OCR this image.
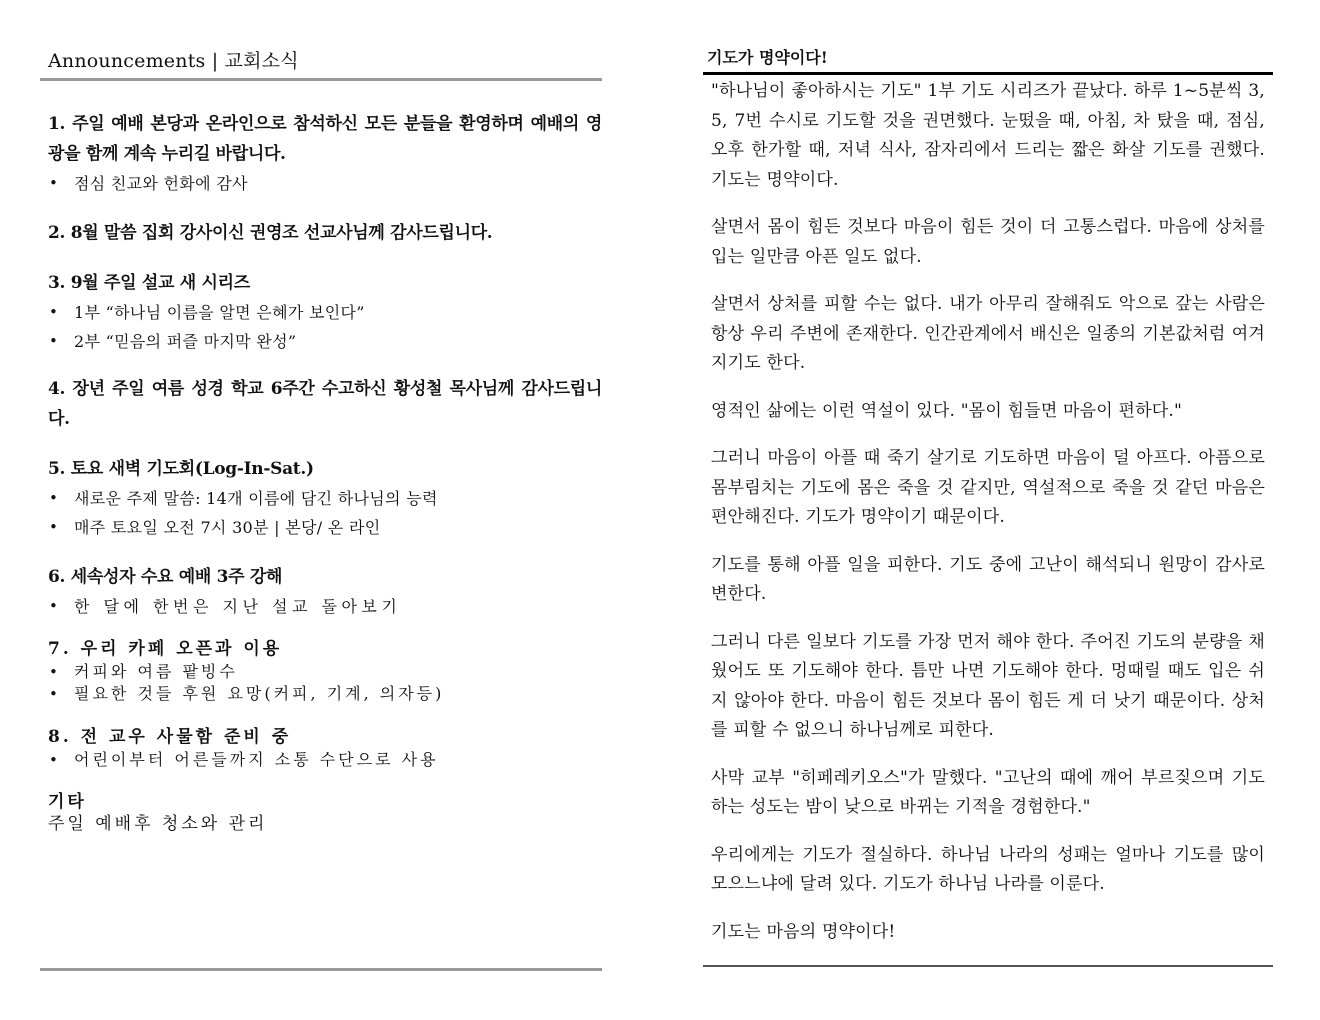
Announcements | 교회소식
1. 주일 예배 본당과 온라인으로 참석하신 모든 분들을 환영하며 예배의 영광을 함께 계속 누리길 바랍니다.
• 점심 친교와 헌화에 감사
2. 8월 말씀 집회 강사이신 권영조 선교사님께 감사드립니다.
3. 9월 주일 설교 새 시리즈
• 1부 “하나님 이름을 알면 은혜가 보인다”
• 2부 “믿음의 퍼즐 마지막 완성”
4. 장년 주일 여름 성경 학교 6주간 수고하신 황성철 목사님께 감사드립니다.
5. 토요 새벽 기도회(Log-In-Sat.)
• 새로운 주제 말씀: 14개 이름에 담긴 하나님의 능력
• 매주 토요일 오전 7시 30분 | 본당/ 온 라인
6. 세속성자 수요 예배 3주 강해
• 한 달에 한번은 지난 설교 돌아보기
7. 우리 카페 오픈과 이용
• 커피와 여름 팥빙수
• 필요한 것들 후원 요망(커피, 기계, 의자등)
8. 전 교우 사물함 준비 중
• 어린이부터 어른들까지 소통 수단으로 사용
기타
주일 예배후 청소와 관리
기도가 명약이다!

"하나님이 좋아하시는 기도" 1부 기도 시리즈가 끝났다. 하루 1~5분씩 3, 5, 7번 수시로 기도할 것을 권면했다. 눈떴을 때, 아침, 차 탔을 때, 점심, 오후 한가할 때, 저녁 식사, 잠자리에서 드리는 짧은 화살 기도를 권했다. 기도는 명약이다.

살면서 몸이 힘든 것보다 마음이 힘든 것이 더 고통스럽다. 마음에 상처를 입는 일만큼 아픈 일도 없다.

살면서 상처를 피할 수는 없다. 내가 아무리 잘해줘도 악으로 갚는 사람은 항상 우리 주변에 존재한다. 인간관계에서 배신은 일종의 기본값처럼 여겨지기도 한다.

영적인 삶에는 이런 역설이 있다. "몸이 힘들면 마음이 편하다."

그러니 마음이 아플 때 죽기 살기로 기도하면 마음이 덜 아프다. 아픔으로 몸부림치는 기도에 몸은 죽을 것 같지만, 역설적으로 죽을 것 같던 마음은 편안해진다. 기도가 명약이기 때문이다.

기도를 통해 아플 일을 피한다. 기도 중에 고난이 해석되니 원망이 감사로 변한다.

그러니 다른 일보다 기도를 가장 먼저 해야 한다. 주어진 기도의 분량을 채웠어도 또 기도해야 한다. 틈만 나면 기도해야 한다. 멍때릴 때도 입은 쉬지 않아야 한다. 마음이 힘든 것보다 몸이 힘든 게 더 낫기 때문이다. 상처를 피할 수 없으니 하나님께로 피한다.

사막 교부 "히페레키오스"가 말했다. "고난의 때에 깨어 부르짖으며 기도하는 성도는 밤이 낮으로 바뀌는 기적을 경험한다."

우리에게는 기도가 절실하다. 하나님 나라의 성패는 얼마나 기도를 많이 모으느냐에 달려 있다. 기도가 하나님 나라를 이룬다.

기도는 마음의 명약이다!
